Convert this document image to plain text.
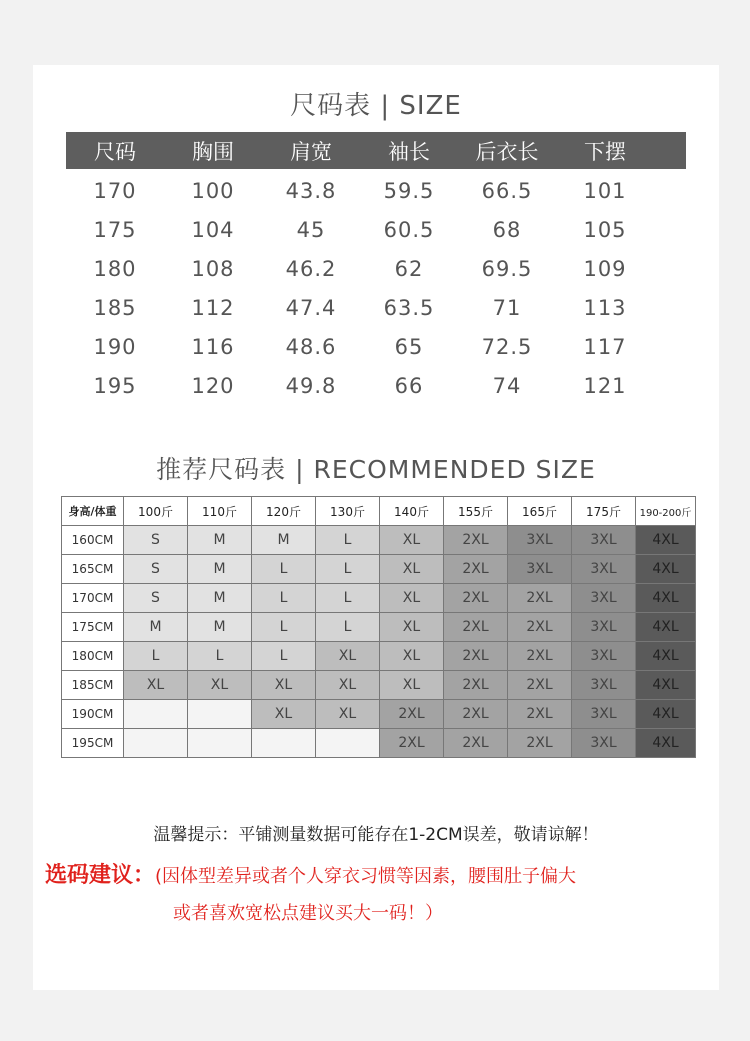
尺码表 | SIZE
尺码	胸围	肩宽	袖长	后衣长	下摆
170	100	43.8	59.5	66.5	101
175	104	45	60.5	68	105
180	108	46.2	62	69.5	109
185	112	47.4	63.5	71	113
190	116	48.6	65	72.5	117
195	120	49.8	66	74	121
推荐尺码表 | RECOMMENDED SIZE
身高/体重	100斤	110斤	120斤	130斤	140斤	155斤	165斤	175斤	190-200斤
160CM	S	M	M	L	XL	2XL	3XL	3XL	4XL
165CM	S	M	L	L	XL	2XL	3XL	3XL	4XL
170CM	S	M	L	L	XL	2XL	2XL	3XL	4XL
175CM	M	M	L	L	XL	2XL	2XL	3XL	4XL
180CM	L	L	L	XL	XL	2XL	2XL	3XL	4XL
185CM	XL	XL	XL	XL	XL	2XL	2XL	3XL	4XL
190CM			XL	XL	2XL	2XL	2XL	3XL	4XL
195CM					2XL	2XL	2XL	3XL	4XL
温馨提示：平铺测量数据可能存在1-2CM误差，敬请谅解！
选码建议：(因体型差异或者个人穿衣习惯等因素，腰围肚子偏大
或者喜欢宽松点建议买大一码！）
